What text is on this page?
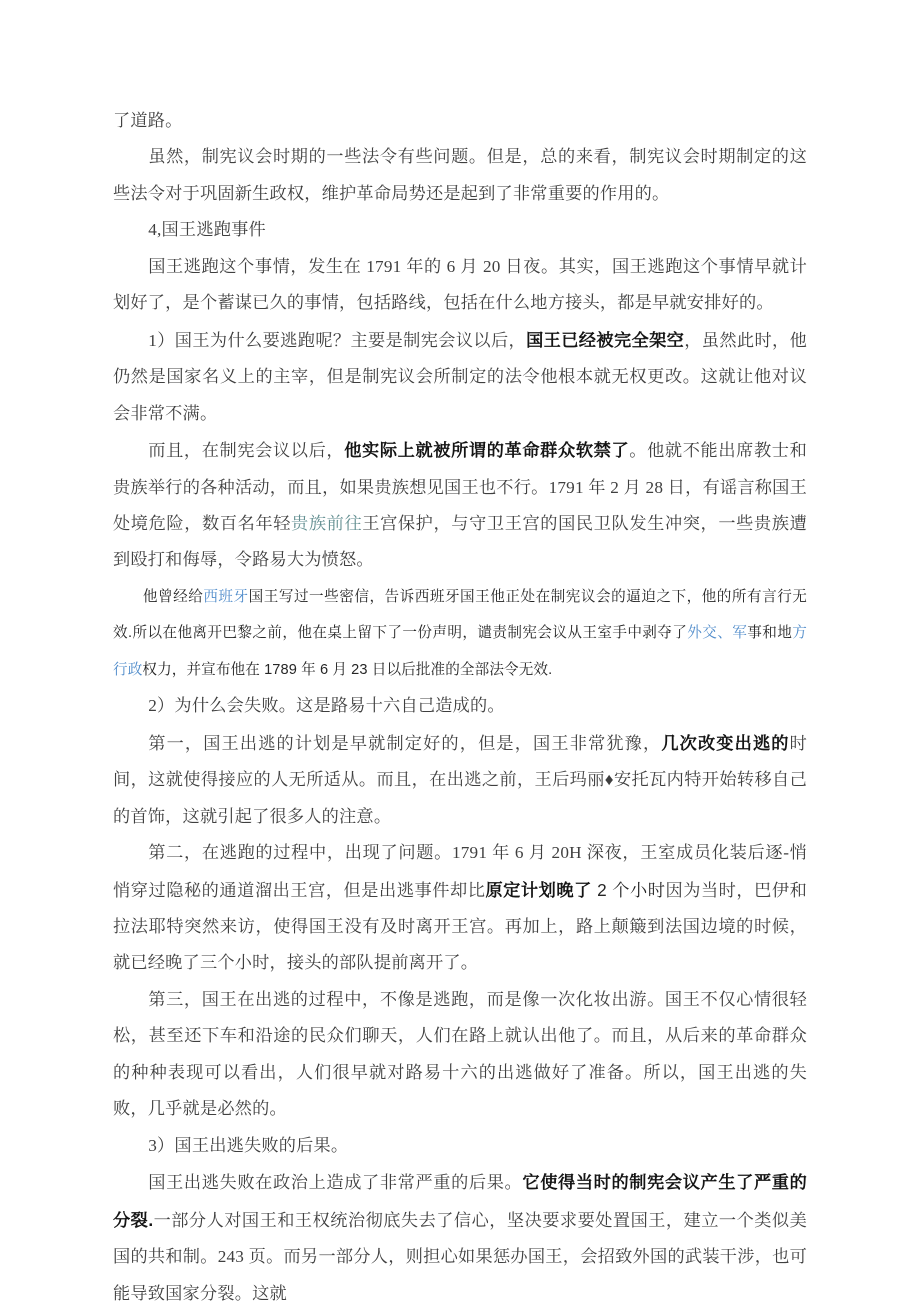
了道路。

虽然，制宪议会时期的一些法令有些问题。但是，总的来看，制宪议会时期制定的这些法令对于巩固新生政权，维护革命局势还是起到了非常重要的作用的。

4,国王逃跑事件

国王逃跑这个事情，发生在 1791 年的 6 月 20 日夜。其实，国王逃跑这个事情早就计划好了，是个蓄谋已久的事情，包括路线，包括在什么地方接头，都是早就安排好的。

1）国王为什么要逃跑呢？主要是制宪会议以后，国王已经被完全架空，虽然此时，他仍然是国家名义上的主宰，但是制宪议会所制定的法令他根本就无权更改。这就让他对议会非常不满。

而且，在制宪会议以后，他实际上就被所谓的革命群众软禁了。他就不能出席教士和贵族举行的各种活动，而且，如果贵族想见国王也不行。1791 年 2 月 28 日，有谣言称国王处境危险，数百名年轻贵族前往王宫保护，与守卫王宫的国民卫队发生冲突，一些贵族遭到殴打和侮辱，令路易大为愤怒。

他曾经给西班牙国王写过一些密信，告诉西班牙国王他正处在制宪议会的逼迫之下，他的所有言行无效.所以在他离开巴黎之前，他在桌上留下了一份声明，谴责制宪会议从王室手中剥夺了外交、军事和地方行政权力，并宣布他在 1789 年 6 月 23 日以后批准的全部法令无效.

2）为什么会失败。这是路易十六自己造成的。

第一，国王出逃的计划是早就制定好的，但是，国王非常犹豫，几次改变出逃的时间，这就使得接应的人无所适从。而且，在出逃之前，王后玛丽♦安托瓦内特开始转移自己的首饰，这就引起了很多人的注意。

第二，在逃跑的过程中，出现了问题。1791 年 6 月 20H 深夜，王室成员化装后逐-悄悄穿过隐秘的通道溜出王宫，但是出逃事件却比原定计划晚了 2 个小时因为当时，巴伊和拉法耶特突然来访，使得国王没有及时离开王宫。再加上，路上颠簸到法国边境的时候，就已经晚了三个小时，接头的部队提前离开了。

第三，国王在出逃的过程中，不像是逃跑，而是像一次化妆出游。国王不仅心情很轻松，甚至还下车和沿途的民众们聊天，人们在路上就认出他了。而且，从后来的革命群众的种种表现可以看出，人们很早就对路易十六的出逃做好了准备。所以，国王出逃的失败，几乎就是必然的。

3）国王出逃失败的后果。

国王出逃失败在政治上造成了非常严重的后果。它使得当时的制宪会议产生了严重的分裂.一部分人对国王和王权统治彻底失去了信心，坚决要求要处置国王，建立一个类似美国的共和制。243 页。而另一部分人，则担心如果惩办国王，会招致外国的武装干涉，也可能导致国家分裂。这就
